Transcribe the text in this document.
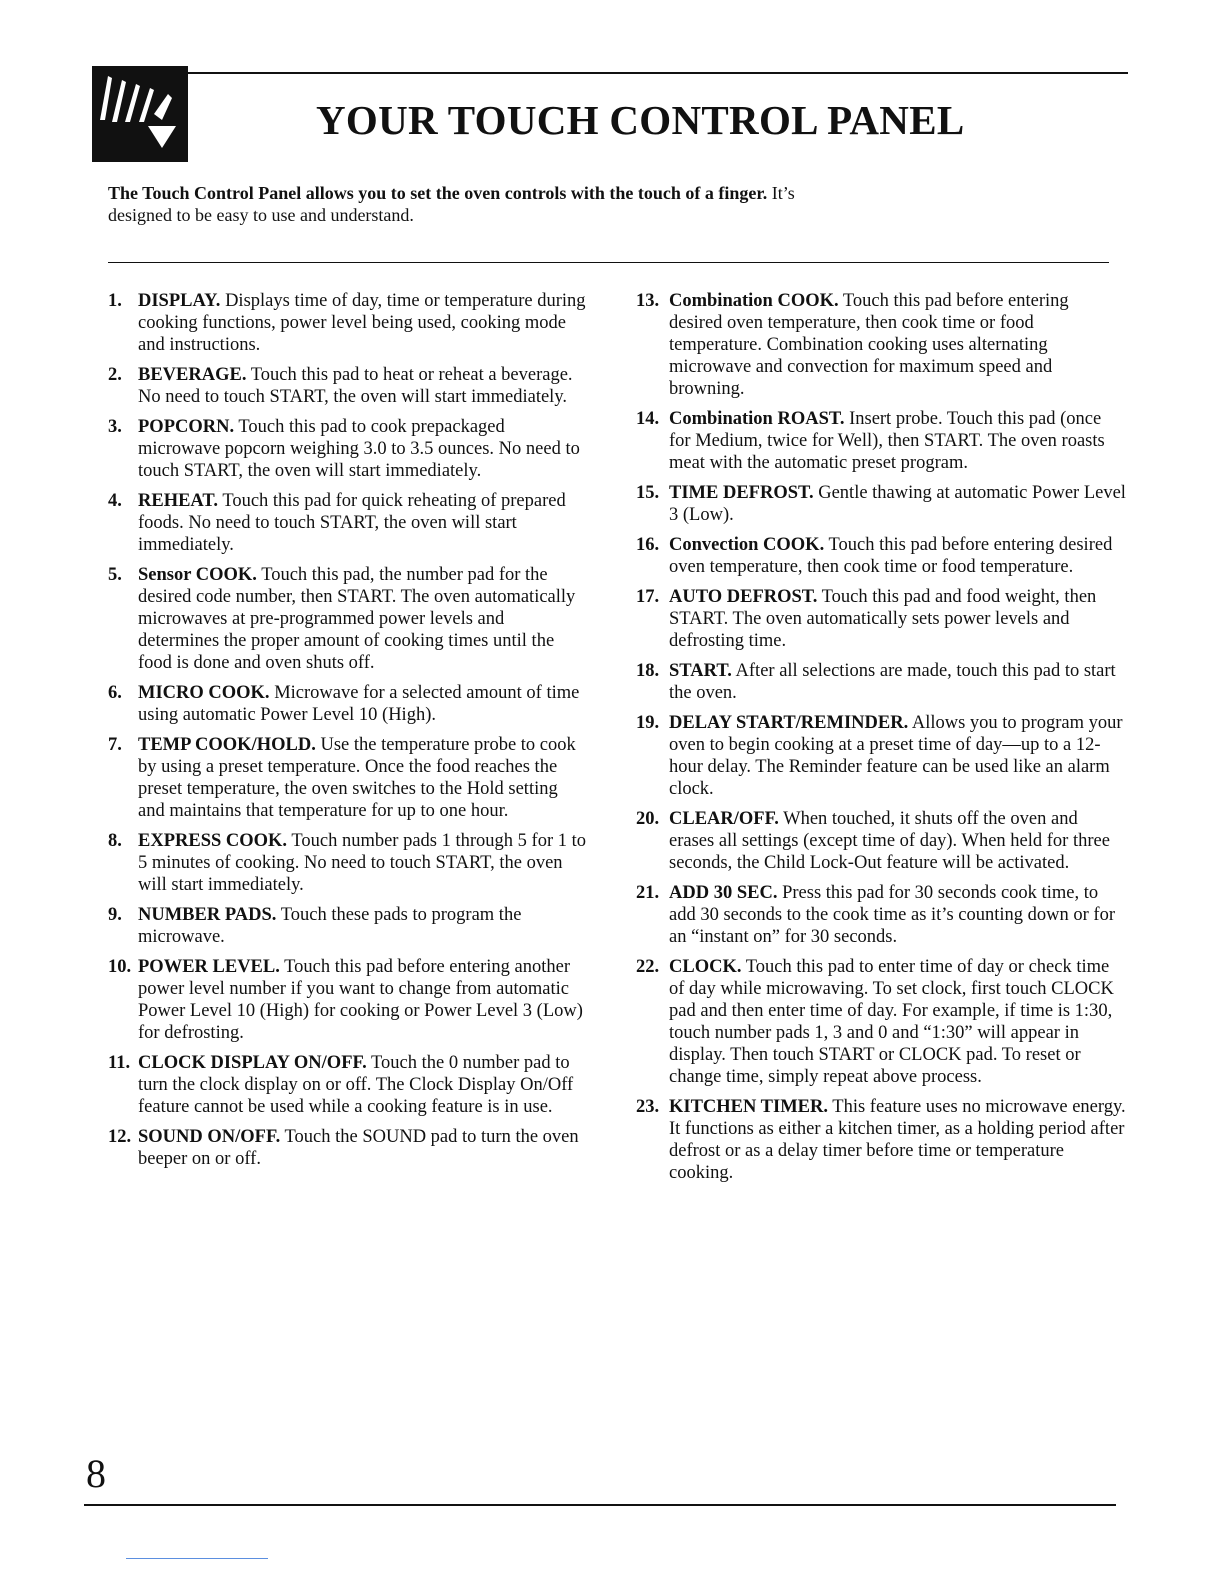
YOUR TOUCH CONTROL PANEL

The Touch Control Panel allows you to set the oven controls with the touch of a finger. It’s designed to be easy to use and understand.

1. DISPLAY. Displays time of day, time or temperature during cooking functions, power level being used, cooking mode and instructions.
2. BEVERAGE. Touch this pad to heat or reheat a beverage. No need to touch START, the oven will start immediately.
3. POPCORN. Touch this pad to cook prepackaged microwave popcorn weighing 3.0 to 3.5 ounces. No need to touch START, the oven will start immediately.
4. REHEAT. Touch this pad for quick reheating of prepared foods. No need to touch START, the oven will start immediately.
5. Sensor COOK. Touch this pad, the number pad for the desired code number, then START. The oven automatically microwaves at pre-programmed power levels and determines the proper amount of cooking times until the food is done and oven shuts off.
6. MICRO COOK. Microwave for a selected amount of time using automatic Power Level 10 (High).
7. TEMP COOK/HOLD. Use the temperature probe to cook by using a preset temperature. Once the food reaches the preset temperature, the oven switches to the Hold setting and maintains that temperature for up to one hour.
8. EXPRESS COOK. Touch number pads 1 through 5 for 1 to 5 minutes of cooking. No need to touch START, the oven will start immediately.
9. NUMBER PADS. Touch these pads to program the microwave.
10. POWER LEVEL. Touch this pad before entering another power level number if you want to change from automatic Power Level 10 (High) for cooking or Power Level 3 (Low) for defrosting.
11. CLOCK DISPLAY ON/OFF. Touch the 0 number pad to turn the clock display on or off. The Clock Display On/Off feature cannot be used while a cooking feature is in use.
12. SOUND ON/OFF. Touch the SOUND pad to turn the oven beeper on or off.
13. Combination COOK. Touch this pad before entering desired oven temperature, then cook time or food temperature. Combination cooking uses alternating microwave and convection for maximum speed and browning.
14. Combination ROAST. Insert probe. Touch this pad (once for Medium, twice for Well), then START. The oven roasts meat with the automatic preset program.
15. TIME DEFROST. Gentle thawing at automatic Power Level 3 (Low).
16. Convection COOK. Touch this pad before entering desired oven temperature, then cook time or food temperature.
17. AUTO DEFROST. Touch this pad and food weight, then START. The oven automatically sets power levels and defrosting time.
18. START. After all selections are made, touch this pad to start the oven.
19. DELAY START/REMINDER. Allows you to program your oven to begin cooking at a preset time of day—up to a 12-hour delay. The Reminder feature can be used like an alarm clock.
20. CLEAR/OFF. When touched, it shuts off the oven and erases all settings (except time of day). When held for three seconds, the Child Lock-Out feature will be activated.
21. ADD 30 SEC. Press this pad for 30 seconds cook time, to add 30 seconds to the cook time as it’s counting down or for an “instant on” for 30 seconds.
22. CLOCK. Touch this pad to enter time of day or check time of day while microwaving. To set clock, first touch CLOCK pad and then enter time of day. For example, if time is 1:30, touch number pads 1, 3 and 0 and “1:30” will appear in display. Then touch START or CLOCK pad. To reset or change time, simply repeat above process.
23. KITCHEN TIMER. This feature uses no microwave energy. It functions as either a kitchen timer, as a holding period after defrost or as a delay timer before time or temperature cooking.

8
